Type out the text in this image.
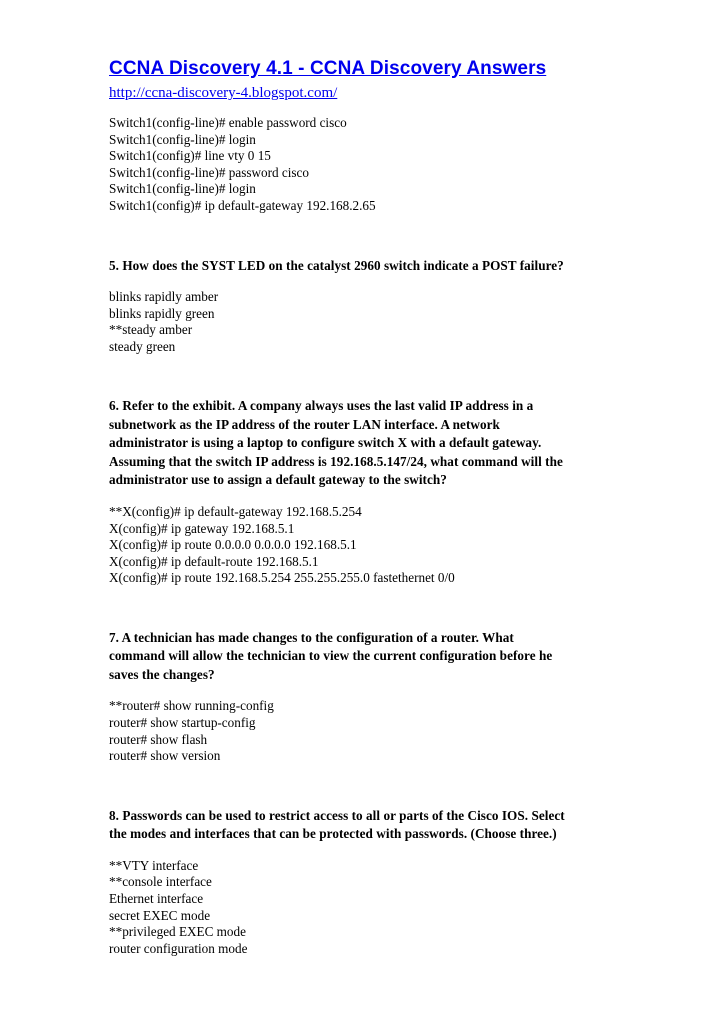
CCNA Discovery 4.1 - CCNA Discovery Answers
http://ccna-discovery-4.blogspot.com/

Switch1(config-line)# enable password cisco

Switch1(config-line)# login

Switch1(config)# line vty 0 15

Switch1(config-line)# password cisco

Switch1(config-line)# login

Switch1(config)# ip default-gateway 192.168.2.65

5. How does the SYST LED on the catalyst 2960 switch indicate a POST failure?

blinks rapidly amber

blinks rapidly green

**steady amber

steady green

6. Refer to the exhibit. A company always uses the last valid IP address in a

subnetwork as the IP address of the router LAN interface. A network

administrator is using a laptop to configure switch X with a default gateway.

Assuming that the switch IP address is 192.168.5.147/24, what command will the

administrator use to assign a default gateway to the switch?

**X(config)# ip default-gateway 192.168.5.254

X(config)# ip gateway 192.168.5.1

X(config)# ip route 0.0.0.0 0.0.0.0 192.168.5.1

X(config)# ip default-route 192.168.5.1

X(config)# ip route 192.168.5.254 255.255.255.0 fastethernet 0/0

7. A technician has made changes to the configuration of a router. What

command will allow the technician to view the current configuration before he

saves the changes?

**router# show running-config

router# show startup-config

router# show flash

router# show version

8. Passwords can be used to restrict access to all or parts of the Cisco IOS. Select

the modes and interfaces that can be protected with passwords. (Choose three.)

**VTY interface

**console interface

Ethernet interface

secret EXEC mode

**privileged EXEC mode

router configuration mode
